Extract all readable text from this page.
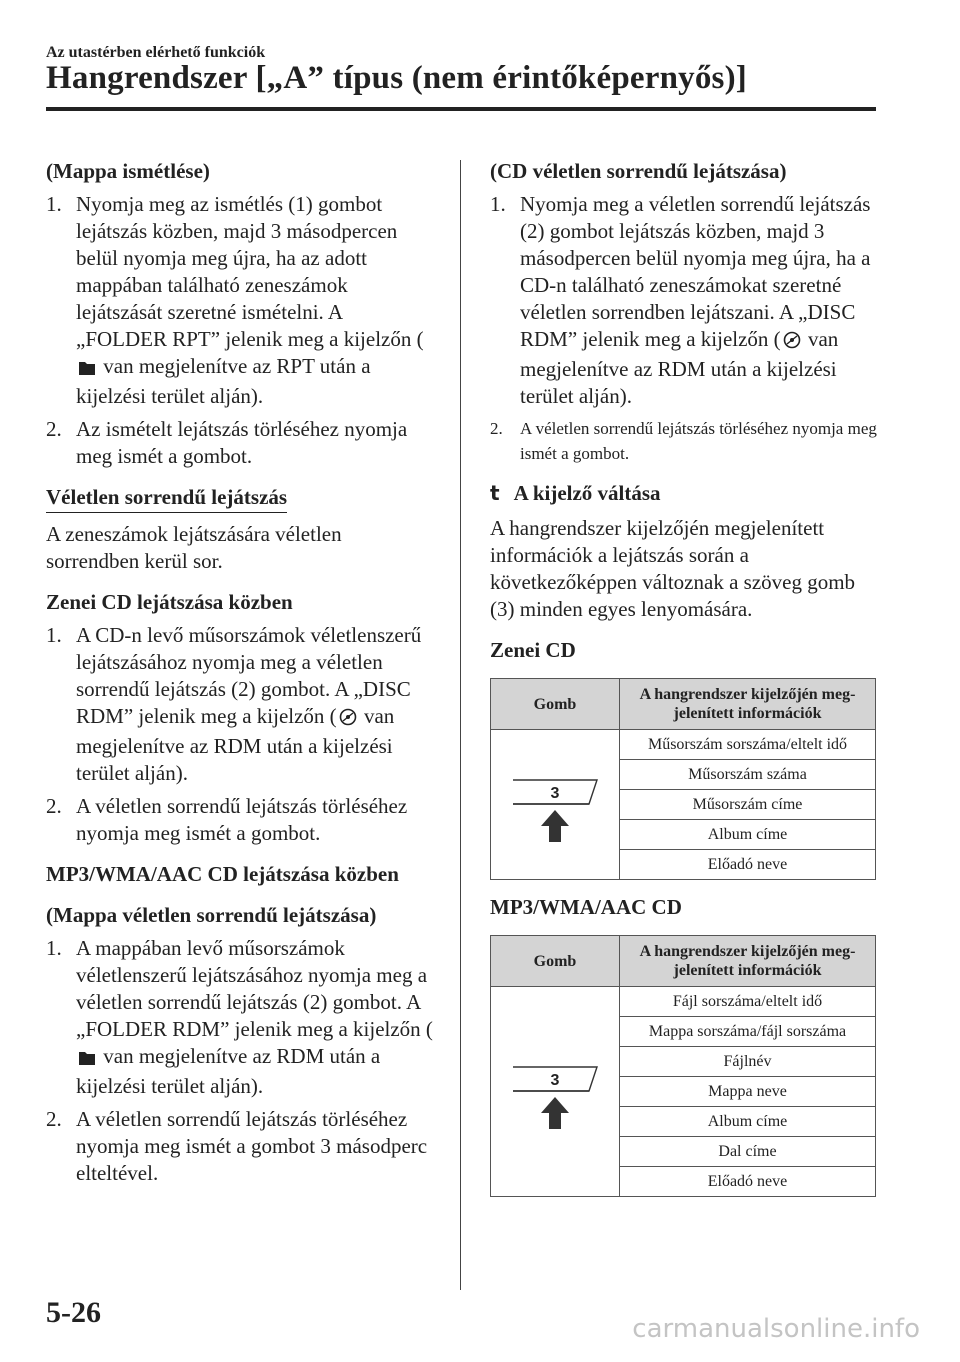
Az utastérben elérhető funkciók
Hangrendszer [„A” típus (nem érintőképernyős)]

(Mappa ismétlése)

1. Nyomja meg az ismétlés (1) gombot lejátszás közben, majd 3 másodpercen belül nyomja meg újra, ha az adott mappában található zeneszámok lejátszását szeretné ismételni. A „FOLDER RPT” jelenik meg a kijelzőn ( van megjelenítve az RPT után a kijelzési terület alján).
2. Az ismételt lejátszás törléséhez nyomja meg ismét a gombot.

Véletlen sorrendű lejátszás

A zeneszámok lejátszására véletlen sorrendben kerül sor.

Zenei CD lejátszása közben

1. A CD-n levő műsorszámok véletlenszerű lejátszásához nyomja meg a véletlen sorrendű lejátszás (2) gombot. A „DISC RDM” jelenik meg a kijelzőn ( van megjelenítve az RDM után a kijelzési terület alján).
2. A véletlen sorrendű lejátszás törléséhez nyomja meg ismét a gombot.

MP3/WMA/AAC CD lejátszása közben

(Mappa véletlen sorrendű lejátszása)

1. A mappában levő műsorszámok véletlenszerű lejátszásához nyomja meg a véletlen sorrendű lejátszás (2) gombot. A „FOLDER RDM” jelenik meg a kijelzőn ( van megjelenítve az RDM után a kijelzési terület alján).
2. A véletlen sorrendű lejátszás törléséhez nyomja meg ismét a gombot 3 másodperc elteltével.

(CD véletlen sorrendű lejátszása)

1. Nyomja meg a véletlen sorrendű lejátszás (2) gombot lejátszás közben, majd 3 másodpercen belül nyomja meg újra, ha a CD-n található zeneszámokat szeretné véletlen sorrendben lejátszani. A „DISC RDM” jelenik meg a kijelzőn ( van megjelenítve az RDM után a kijelzési terület alján).
2.	A véletlen sorrendű lejátszás törléséhez nyomja meg ismét a gombot.

t A kijelző váltása

A hangrendszer kijelzőjén megjelenített információk a lejátszás során a következőképpen változnak a szöveg gomb (3) minden egyes lenyomására.

Zenei CD

Gomb	A hangrendszer kijelzőjén meg-jelenített információk

3	Műsorszám sorszáma/eltelt idő
	Műsorszám száma
	Műsorszám címe
	Album címe
	Előadó neve

MP3/WMA/AAC CD

Gomb	A hangrendszer kijelzőjén meg-jelenített információk

3	Fájl sorszáma/eltelt idő
	Mappa sorszáma/fájl sorszáma
	Fájlnév
	Mappa neve
	Album címe
	Dal címe
	Előadó neve
5-26	carmanualsonline.info
